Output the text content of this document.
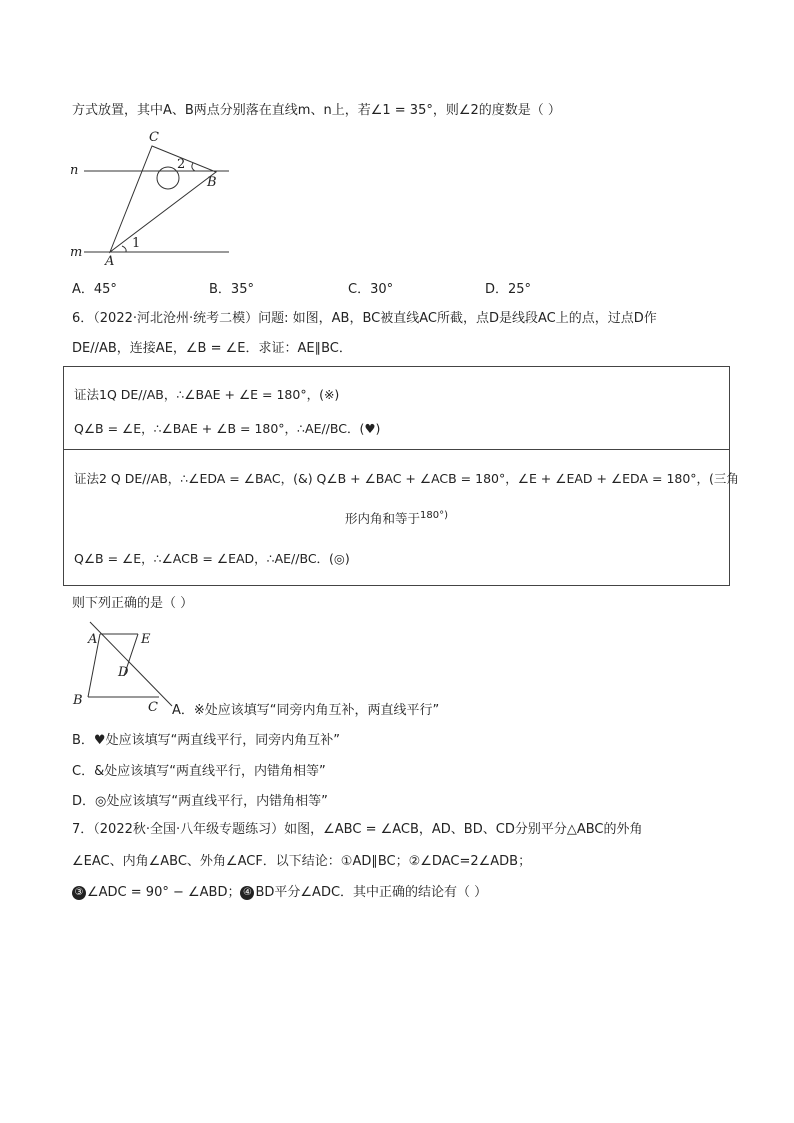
方式放置，其中A、B两点分别落在直线m、n上，若∠1 = 35°，则∠2的度数是（ ）
C
n	2
B
m
1
A
A．45°	B．35°	C．30°	D．25°
6．（2022·河北沧州·统考二模）问题: 如图，AB，BC被直线AC所截，点D是线段AC上的点，过点D作
DE//AB，连接AE，∠B = ∠E．求证：AE∥BC．
证法1Q DE//AB，∴∠BAE + ∠E = 180°，(※)
Q∠B = ∠E，∴∠BAE + ∠B = 180°，∴AE//BC．(♥)
证法2 Q DE//AB，∴∠EDA = ∠BAC，(&) Q∠B + ∠BAC + ∠ACB = 180°，∠E + ∠EAD + ∠EDA = 180°，(三角
形内角和等于$^{180^\circ)}$
Q∠B = ∠E，∴∠ACB = ∠EAD，∴AE//BC．(◎)
则下列正确的是（ ）
A	E
D
B	C A．※处应该填写“同旁内角互补，两直线平行”
B．♥处应该填写“两直线平行，同旁内角互补”
C．&处应该填写“两直线平行，内错角相等”
D．◎处应该填写“两直线平行，内错角相等”
7．（2022秋·全国·八年级专题练习）如图，∠ABC = ∠ACB，AD、BD、CD分别平分△ABC的外角
∠EAC、内角∠ABC、外角∠ACF．以下结论：①AD∥BC；②∠DAC=2∠ADB；
③ ∠ADC = 90° − ∠ABD； ④ BD平分∠ADC．其中正确的结论有（ ）
